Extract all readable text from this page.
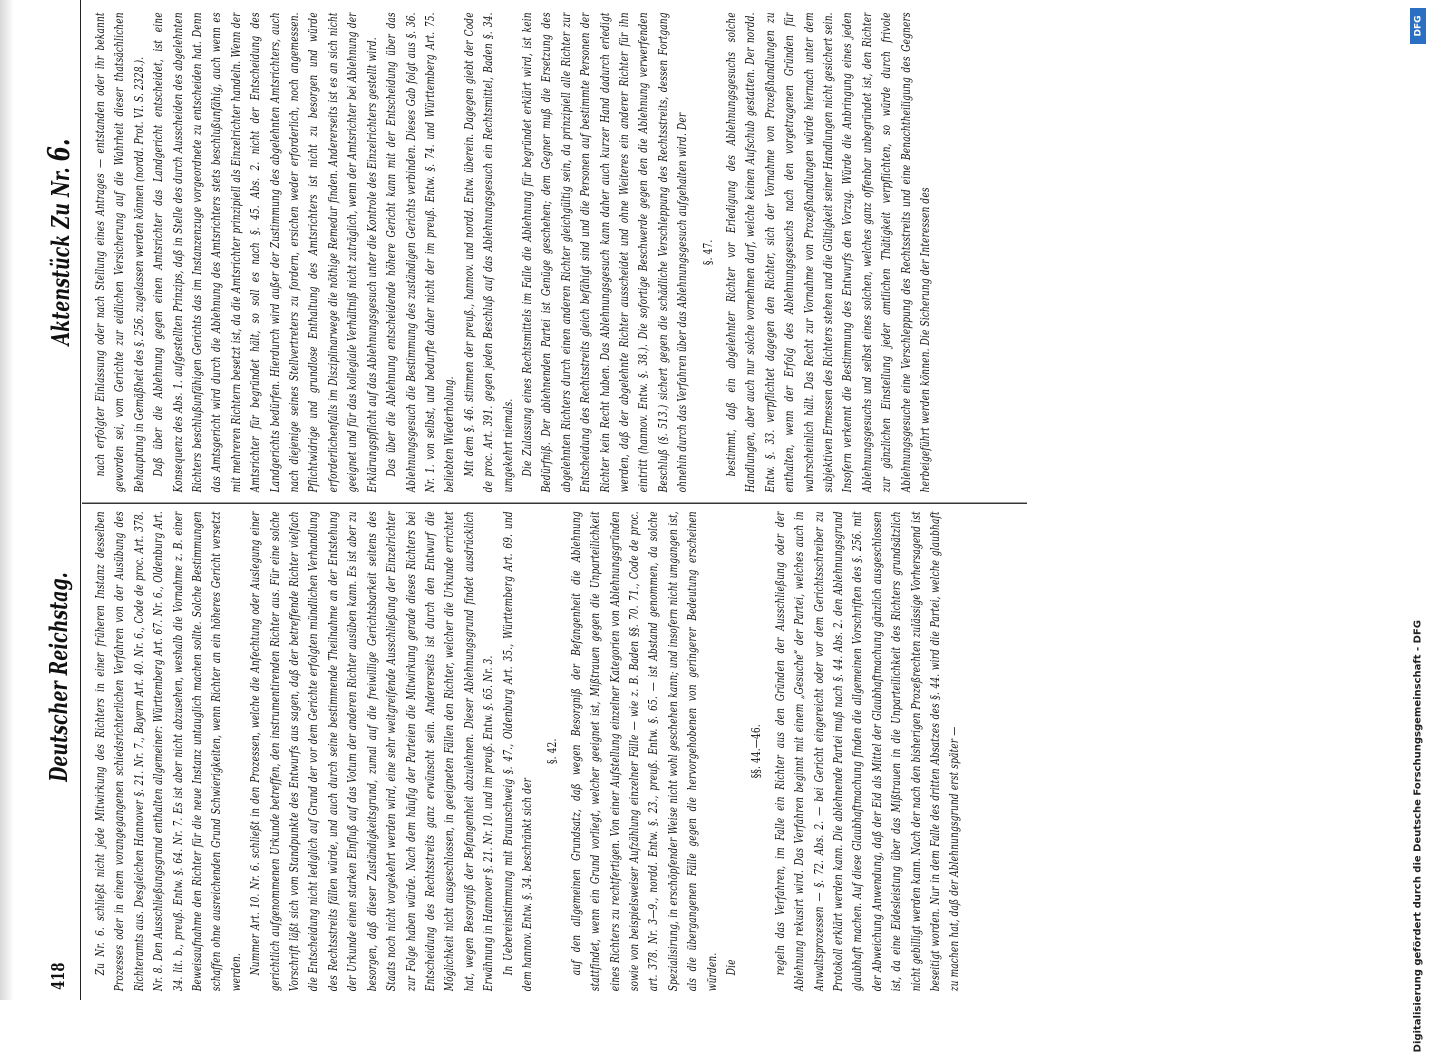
418
Deutscher Reichstag.
Aktenstück Zu Nr. 6.

Zu Nr. 6. schließt nicht jede Mitwirkung des Richters in einer früheren Instanz desselben Prozesses oder in einem vorangegangenen schiedsrichterlichen Verfahren von der Ausübung des Richteramts aus. Desgleichen Hannover §. 21. Nr. 7., Bayern Art. 40. Nr. 6., Code de proc. Art. 378. Nr. 8. Den Ausschließungsgrund enthalten allgemeiner: Württemberg Art. 67. Nr. 6., Oldenburg Art. 34. lit. b., preuß. Entw. §. 64. Nr. 7. Es ist aber nicht abzusehen, weshalb die Vornahme z. B. einer Beweisaufnahme den Richter für die neue Instanz untauglich machen sollte. Solche Bestimmungen schaffen ohne ausreichenden Grund Schwierigkeiten, wenn Richter an ein höheres Gericht versetzt werden. Nummer Art. 10. Nr. 6. schließt in den Prozessen, welche die Anfechtung oder Auslegung einer gerichtlich aufgenommenen Urkunde betreffen, den instrumentirenden Richter aus. Für eine solche Vorschrift läßt sich vom Standpunkte des Entwurfs aus sagen, daß der betreffende Richter vielfach die Entscheidung nicht lediglich auf Grund der vor dem Gerichte erfolgten mündlichen Verhandlung des Rechtsstreits fällen würde, und auch durch seine bestimmende Theilnahme an der Entstehung der Urkunde einen starken Einfluß auf das Votum der anderen Richter ausüben kann. Es ist aber zu besorgen, daß dieser Zuständigkeitsgrund, zumal auf die freiwillige Gerichtsbarkeit seitens des Staats noch nicht vorgekehrt werden wird, eine sehr weitgreifende Ausschließung der Einzelrichter zur Folge haben würde. Nach dem häufig der Parteien die Mitwirkung gerade dieses Richters bei Entscheidung des Rechtsstreits ganz erwünscht sein. Andererseits ist durch den Entwurf die Möglichkeit nicht ausgeschlossen, in geeigneten Fällen den Richter, welcher die Urkunde errichtet hat, wegen Besorgniß der Befangenheit abzulehnen. Dieser Ablehnungsgrund findet ausdrücklich Erwähnung in Hannover §. 21. Nr. 10. und im preuß. Entw. §. 65. Nr. 3. In Uebereinstimmung mit Braunschweig §. 47., Oldenburg Art. 35., Württemberg Art. 69. und dem hannov. Entw. §. 34. beschränkt sich der

§. 42. auf den allgemeinen Grundsatz, daß wegen Besorgniß der Befangenheit die Ablehnung stattfindet, wenn ein Grund vorliegt, welcher geeignet ist, Mißtrauen gegen die Unparteilichkeit eines Richters zu rechtfertigen. Von einer Aufstellung einzelner Kategorien von Ablehnungsgründen sowie von beispielsweiser Aufzählung einzelner Fälle — wie z. B. Baden §§. 70. 71., Code de proc. art. 378. Nr. 3—9., nordd. Entw. §. 23., preuß. Entw. §. 65. — ist Abstand genommen, da solche Spezialisirung, in erschöpfender Weise nicht wohl geschehen kann; und insofern nicht umgangen ist, als die übergangenen Fälle gegen die hervorgehobenen von geringerer Bedeutung erscheinen würden. Die

§§. 44.—46. regeln das Verfahren, im Falle ein Richter aus den Gründen der Ausschließung oder der Ablehnung rekusirt wird. Das Verfahren beginnt mit einem „Gesuche“ der Partei, welches auch in Anwaltsprozessen — §. 72. Abs. 2. — bei Gericht eingereicht oder vor dem Gerichtsschreiber zu Protokoll erklärt werden kann. Die ablehnende Partei muß nach §. 44. Abs. 2. den Ablehnungsgrund glaubhaft machen. Auf diese Glaubhaftmachung finden die allgemeinen Vorschriften des §. 256. mit der Abweichung Anwendung, daß der Eid als Mittel der Glaubhaftmachung gänzlich ausgeschlossen ist, da eine Eidesleistung über das Mißtrauen in die Unparteilichkeit des Richters grundsätzlich nicht gebilligt werden kann. Nach der nach den bisherigen Prozeßrechten zulässige Vorhersagend ist beseitigt worden. Nur in dem Falle des dritten Absatzes des §. 44. wird die Partei, welche glaubhaft zu machen hat, daß der Ablehnungsgrund erst später —

nach erfolgter Einlassung oder nach Stellung eines Antrages — entstanden oder ihr bekannt geworden sei, vom Gerichte zur eidlichen Versicherung auf die Wahrheit dieser thatsächlichen Behauptung in Gemäßheit des §. 256. zugelassen werden können (nordd. Prot. VI. S. 2328.). Daß über die Ablehnung gegen einen Amtsrichter das Landgericht entscheidet, ist eine Konsequenz des Abs. 1. aufgestellten Prinzips, daß in Stelle des durch Ausscheiden des abgelehnten Richters beschlußunfähigen Gerichts das im Instanzenzuge vorgeordnete zu entscheiden hat. Denn das Amtsgericht wird durch die Ablehnung des Amtsrichters stets beschlußunfähig, auch wenn es mit mehreren Richtern besetzt ist, da die Amtsrichter prinzipiell als Einzelrichter handeln. Wenn der Amtsrichter für begründet hält, so soll es nach §. 45. Abs. 2. nicht der Entscheidung des Landgerichts bedürfen. Hierdurch wird außer der Zustimmung des abgelehnten Amtsrichters, auch nach diejenige seines Stellvertreters zu fordern, ersichen weder erforderlich, noch angemessen. Pflichtwidrige und grundlose Enthaltung des Amtsrichters ist nicht zu besorgen und würde erforderlichenfalls im Disziplinarwege die nöthige Remedur finden. Andererseits ist es an sich nicht geeignet und für das kollegiale Verhältniß nicht zuträglich, wenn der Amtsrichter bei Ablehnung der Erklärungspflicht auf das Ablehnungsgesuch unter die Kontrole des Einzelrichters gestellt wird. Das über die Ablehnung entscheidende höhere Gericht kann mit der Entscheidung über das Ablehnungsgesuch die Bestimmung des zuständigen Gerichts verbinden. Dieses Gab folgt aus §. 36. Nr. 1. von selbst, und bedurfte daher nicht der im preuß. Entw. §. 74. und Württemberg Art. 75. beliebten Wiederholung. Mit dem §. 46. stimmen der preuß., hannov. und nordd. Entw. überein. Dagegen giebt der Code de proc. Art. 391. gegen jeden Beschluß auf das Ablehnungsgesuch ein Rechtsmittel, Baden §. 34. umgekehrt niemals. Die Zulassung eines Rechtsmittels im Falle die Ablehnung für begründet erklärt wird, ist kein Bedürfniß. Der ablehnenden Partei ist Genüge geschehen; dem Gegner muß die Ersetzung des abgelehnten Richters durch einen anderen Richter gleichgültig sein, da prinzipiell alle Richter zur Entscheidung des Rechtsstreits gleich befähigt sind und die Personen auf bestimmte Personen der Richter kein Recht haben. Das Ablehnungsgesuch kann daher auch kurzer Hand dadurch erledigt werden, daß der abgelehnte Richter ausscheidet und ohne Weiteres ein anderer Richter für ihn eintritt (hannov. Entw. §. 38.). Die sofortige Beschwerde gegen den die Ablehnung verwerfenden Beschluß (§. 513.) sichert gegen die schädliche Verschleppung des Rechtsstreits, dessen Fortgang ohnehin durch das Verfahren über das Ablehnungsgesuch aufgehalten wird. Der §. 47. bestimmt, daß ein abgelehnter Richter vor Erledigung des Ablehnungsgesuchs solche Handlungen, aber auch nur solche vornehmen darf, welche keinen Aufschub gestatten. Der nordd. Entw. §. 33. verpflichtet dagegen den Richter, sich der Vornahme von Prozeßhandlungen zu enthalten, wenn der Erfolg des Ablehnungsgesuchs nach den vorgetragenen Gründen für wahrscheinlich hält. Das Recht zur Vornahme von Prozeßhandlungen würde hiernach unter dem subjektiven Ermessen des Richters stehen und die Gültigkeit seiner Handlungen nicht gesichert sein. Insofern verkennt die Bestimmung des Entwurfs den Vorzug. Würde die Anbringung eines jeden Ablehnungsgesuchs und selbst eines solchen, welches ganz offenbar unbegründet ist, den Richter zur gänzlichen Einstellung jeder amtlichen Thätigkeit verpflichten, so würde durch frivole Ablehnungsgesuche eine Verschleppung des Rechtsstreits und eine Benachtheiligung des Gegners herbeigeführt werden können. Die Sicherung der Interessen des

DFG
Digitalisierung gefördert durch die Deutsche Forschungsgemeinschaft - DFG
